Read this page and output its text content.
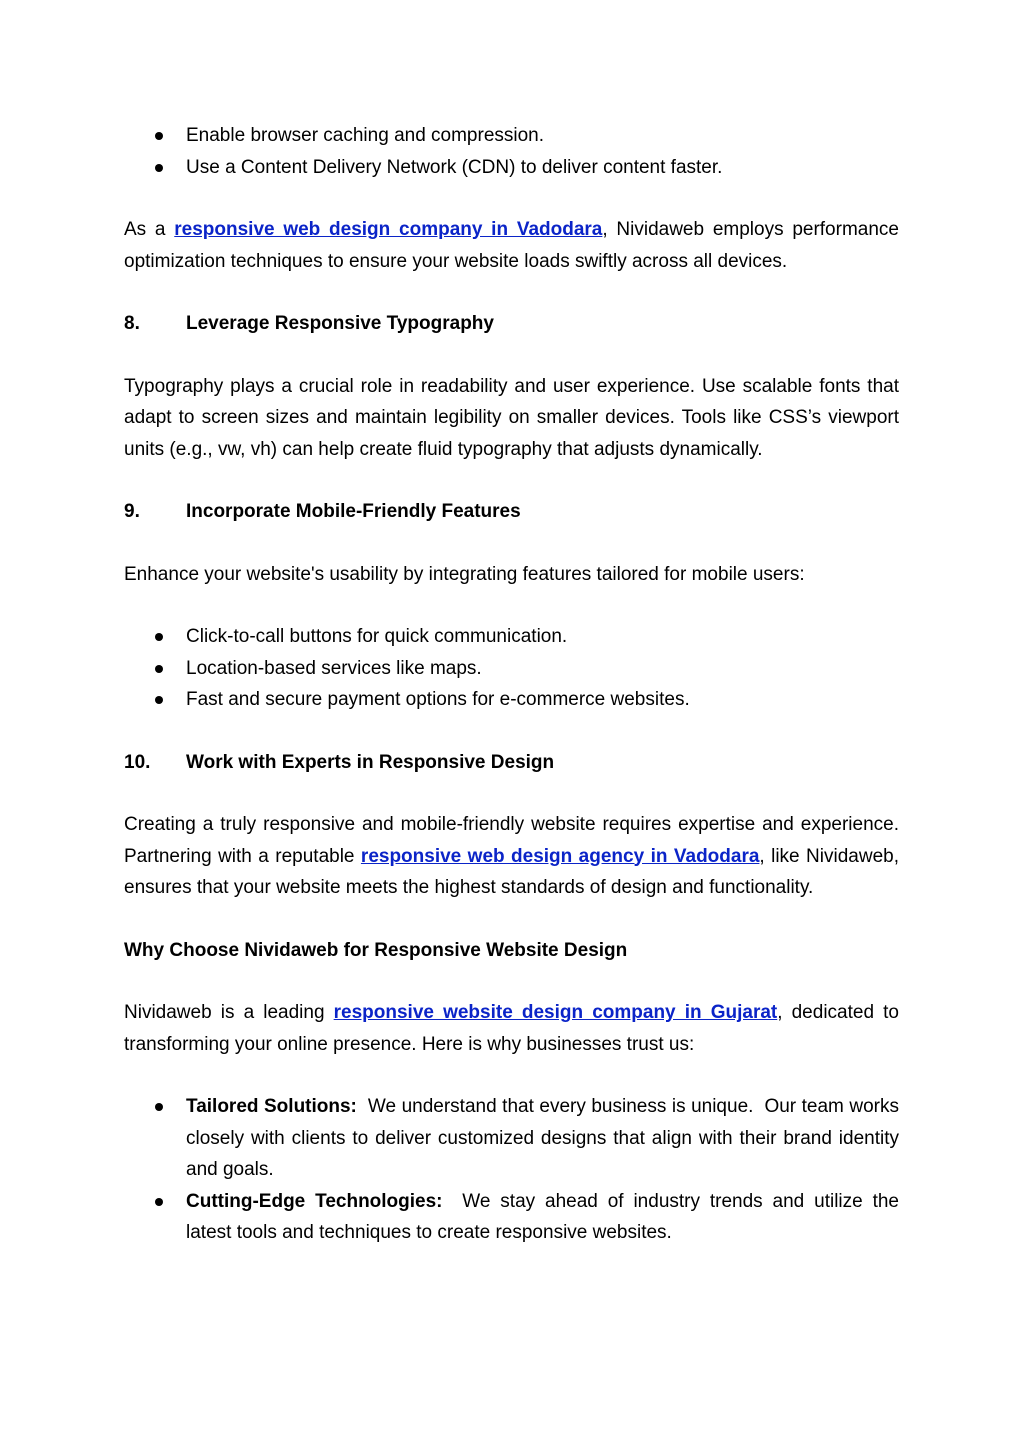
Enable browser caching and compression.
Use a Content Delivery Network (CDN) to deliver content faster.

As a responsive web design company in Vadodara, Nividaweb employs performance optimization techniques to ensure your website loads swiftly across all devices.

8.	Leverage Responsive Typography

Typography plays a crucial role in readability and user experience. Use scalable fonts that adapt to screen sizes and maintain legibility on smaller devices. Tools like CSS’s viewport units (e.g., vw, vh) can help create fluid typography that adjusts dynamically.

9.	Incorporate Mobile-Friendly Features

Enhance your website's usability by integrating features tailored for mobile users:

Click-to-call buttons for quick communication.
Location-based services like maps.
Fast and secure payment options for e-commerce websites.
10.	Work with Experts in Responsive Design

Creating a truly responsive and mobile-friendly website requires expertise and experience. Partnering with a reputable responsive web design agency in Vadodara, like Nividaweb, ensures that your website meets the highest standards of design and functionality.

Why Choose Nividaweb for Responsive Website Design

Nividaweb is a leading responsive website design company in Gujarat, dedicated to transforming your online presence. Here is why businesses trust us:

Tailored Solutions:  We understand that every business is unique.  Our team works closely with clients to deliver customized designs that align with their brand identity and goals.
Cutting-Edge Technologies:  We stay ahead of industry trends and utilize the latest tools and techniques to create responsive websites.
